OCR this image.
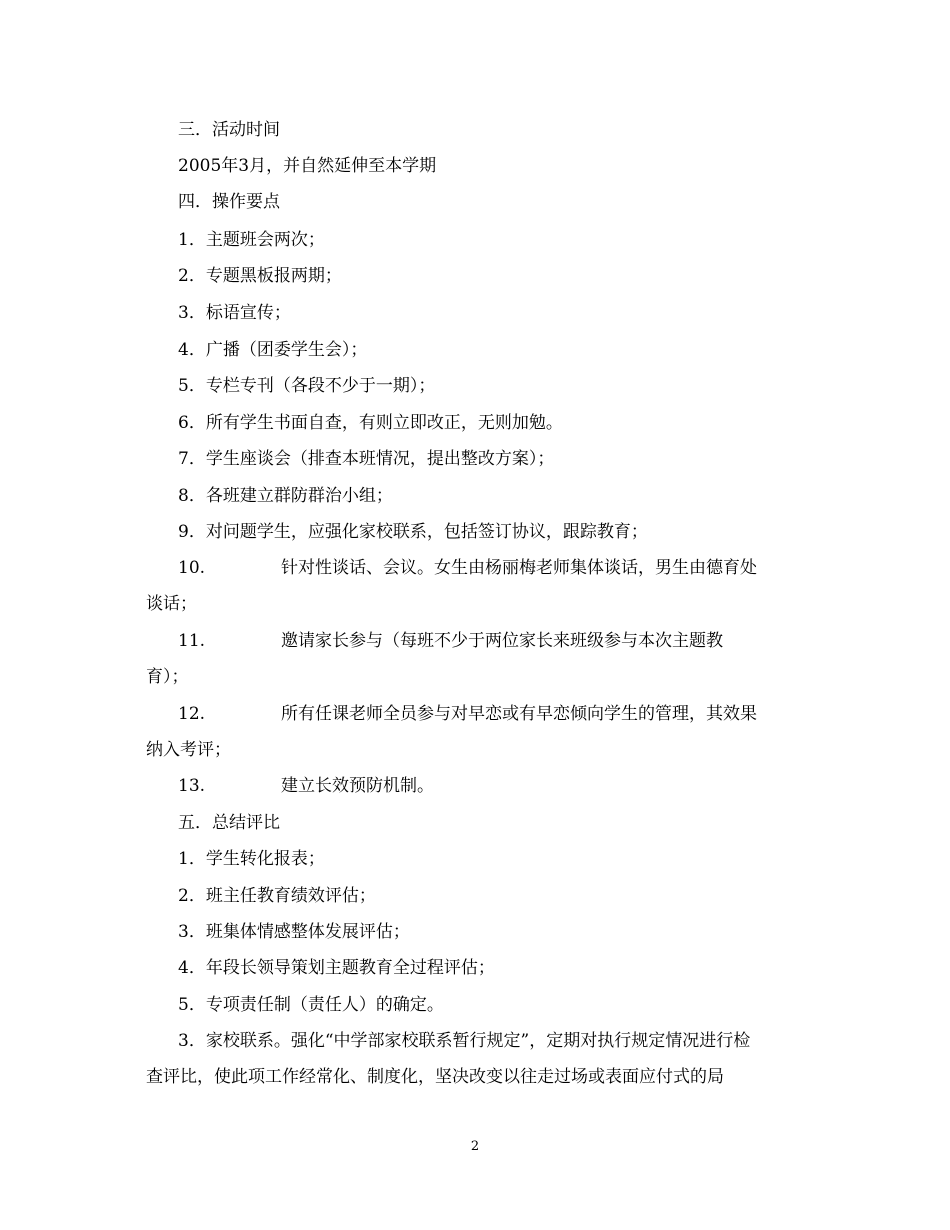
三．活动时间
2005年3月，并自然延伸至本学期
四．操作要点
1．主题班会两次；
2．专题黑板报两期；
3．标语宣传；
4．广播（团委学生会）；
5．专栏专刊（各段不少于一期）；
6．所有学生书面自查，有则立即改正，无则加勉。
7．学生座谈会（排查本班情况，提出整改方案）；
8．各班建立群防群治小组；
9．对问题学生，应强化家校联系，包括签订协议，跟踪教育；
10.	针对性谈话、会议。女生由杨丽梅老师集体谈话，男生由德育处
谈话；
11.	邀请家长参与（每班不少于两位家长来班级参与本次主题教
育）；
12.	所有任课老师全员参与对早恋或有早恋倾向学生的管理，其效果
纳入考评；
13.	建立长效预防机制。
五．总结评比
1．学生转化报表；
2．班主任教育绩效评估；
3．班集体情感整体发展评估；
4．年段长领导策划主题教育全过程评估；
5．专项责任制（责任人）的确定。
3．家校联系。强化“中学部家校联系暂行规定”，定期对执行规定情况进行检
查评比，使此项工作经常化、制度化，坚决改变以往走过场或表面应付式的局
2
